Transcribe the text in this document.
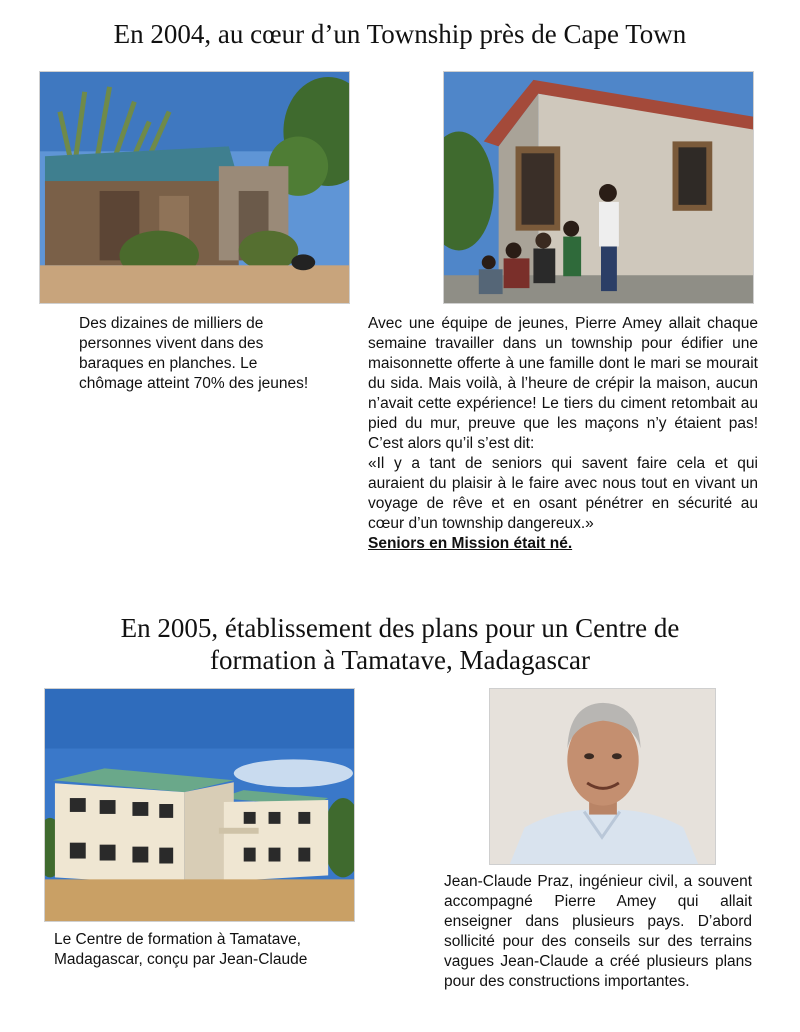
En 2004, au cœur d’un Township près de Cape Town

Des dizaines de milliers de personnes vivent dans des baraques en planches. Le chômage atteint 70% des jeunes!

Avec une équipe de jeunes, Pierre Amey allait chaque semaine travailler dans un township pour édifier une maisonnette offerte à une famille dont le mari se mourait du sida. Mais voilà, à l’heure de crépir la maison, aucun n’avait cette expérience! Le tiers du ciment retombait au pied du mur, preuve que les maçons n’y étaient pas! C’est alors qu’il s’est dit:

«Il y a tant de seniors qui savent faire cela et qui auraient du plaisir à le faire avec nous tout en vivant un voyage de rêve et en osant pénétrer en sécurité au cœur d’un township dangereux.»

Seniors en Mission était né.

En 2005, établissement des plans pour un Centre de
formation à Tamatave, Madagascar

Jean-Claude Praz, ingénieur civil, a souvent accompagné Pierre Amey qui allait enseigner dans plusieurs pays. D’abord sollicité pour des conseils sur des terrains vagues Jean-Claude a créé plusieurs plans pour des constructions importantes.

Le Centre de formation à Tamatave, Madagascar, conçu par Jean-Claude
